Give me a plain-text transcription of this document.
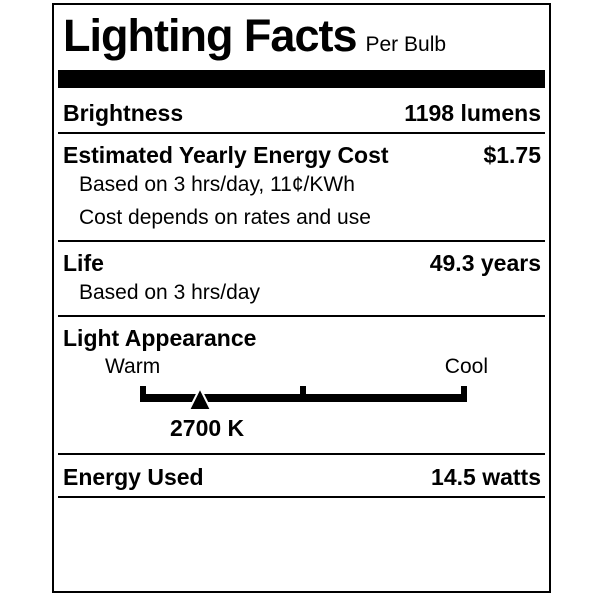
Lighting Facts Per Bulb
Brightness	1198 lumens
Estimated Yearly Energy Cost	$1.75
Based on 3 hrs/day, 11¢/KWh
Cost depends on rates and use
Life	49.3 years
Based on 3 hrs/day
Light Appearance
Warm	Cool
2700 K
Energy Used	14.5 watts
